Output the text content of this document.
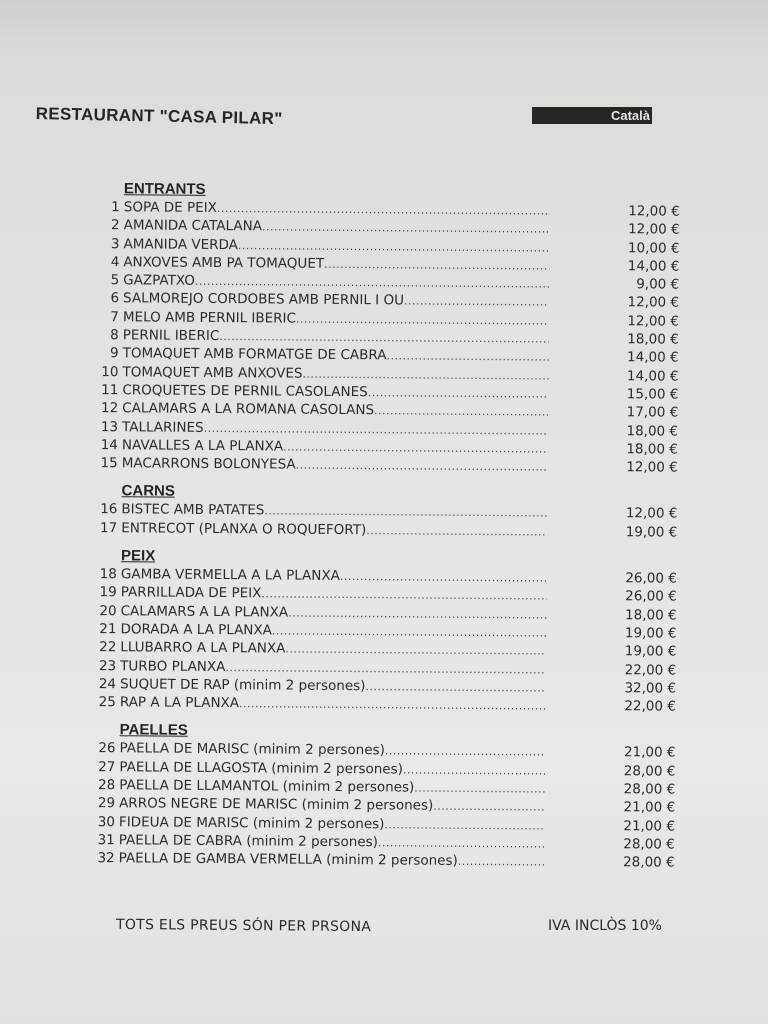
RESTAURANT "CASA PILAR"	Català
ENTRANTS
1 SOPA DE PEIX .....	12,00 €
2 AMANIDA CATALANA .....	12,00 €
3 AMANIDA VERDA .....	10,00 €
4 ANXOVES AMB PA TOMAQUET .....	14,00 €
5 GAZPATXO .....	9,00 €
6 SALMOREJO CORDOBES AMB PERNIL I OU .....	12,00 €
7 MELO AMB PERNIL IBERIC .....	12,00 €
8 PERNIL IBERIC .....	18,00 €
9 TOMAQUET AMB FORMATGE DE CABRA .....	14,00 €
10 TOMAQUET AMB ANXOVES .....	14,00 €
11 CROQUETES DE PERNIL CASOLANES .....	15,00 €
12 CALAMARS A LA ROMANA CASOLANS .....	17,00 €
13 TALLARINES .....	18,00 €
14 NAVALLES A LA PLANXA .....	18,00 €
15 MACARRONS BOLONYESA .....	12,00 €
CARNS
16 BISTEC AMB PATATES .....	12,00 €
17 ENTRECOT (PLANXA O ROQUEFORT) .....	19,00 €
PEIX
18 GAMBA VERMELLA A LA PLANXA .....	26,00 €
19 PARRILLADA DE PEIX .....	26,00 €
20 CALAMARS A LA PLANXA .....	18,00 €
21 DORADA A LA PLANXA .....	19,00 €
22 LLUBARRO A LA PLANXA .....	19,00 €
23 TURBO PLANXA .....	22,00 €
24 SUQUET DE RAP (minim 2 persones) .....	32,00 €
25 RAP A LA PLANXA .....	22,00 €
PAELLES
26 PAELLA DE MARISC (minim 2 persones) .....	21,00 €
27 PAELLA DE LLAGOSTA (minim 2 persones) .....	28,00 €
28 PAELLA DE LLAMANTOL (minim 2 persones) .....	28,00 €
29 ARROS NEGRE DE MARISC (minim 2 persones) .....	21,00 €
30 FIDEUA DE MARISC (minim 2 persones) .....	21,00 €
31 PAELLA DE CABRA (minim 2 persones) .....	28,00 €
32 PAELLA DE GAMBA VERMELLA (minim 2 persones) .....	28,00 €
TOTS ELS PREUS SÓN PER PRSONA	IVA INCLÒS 10%
